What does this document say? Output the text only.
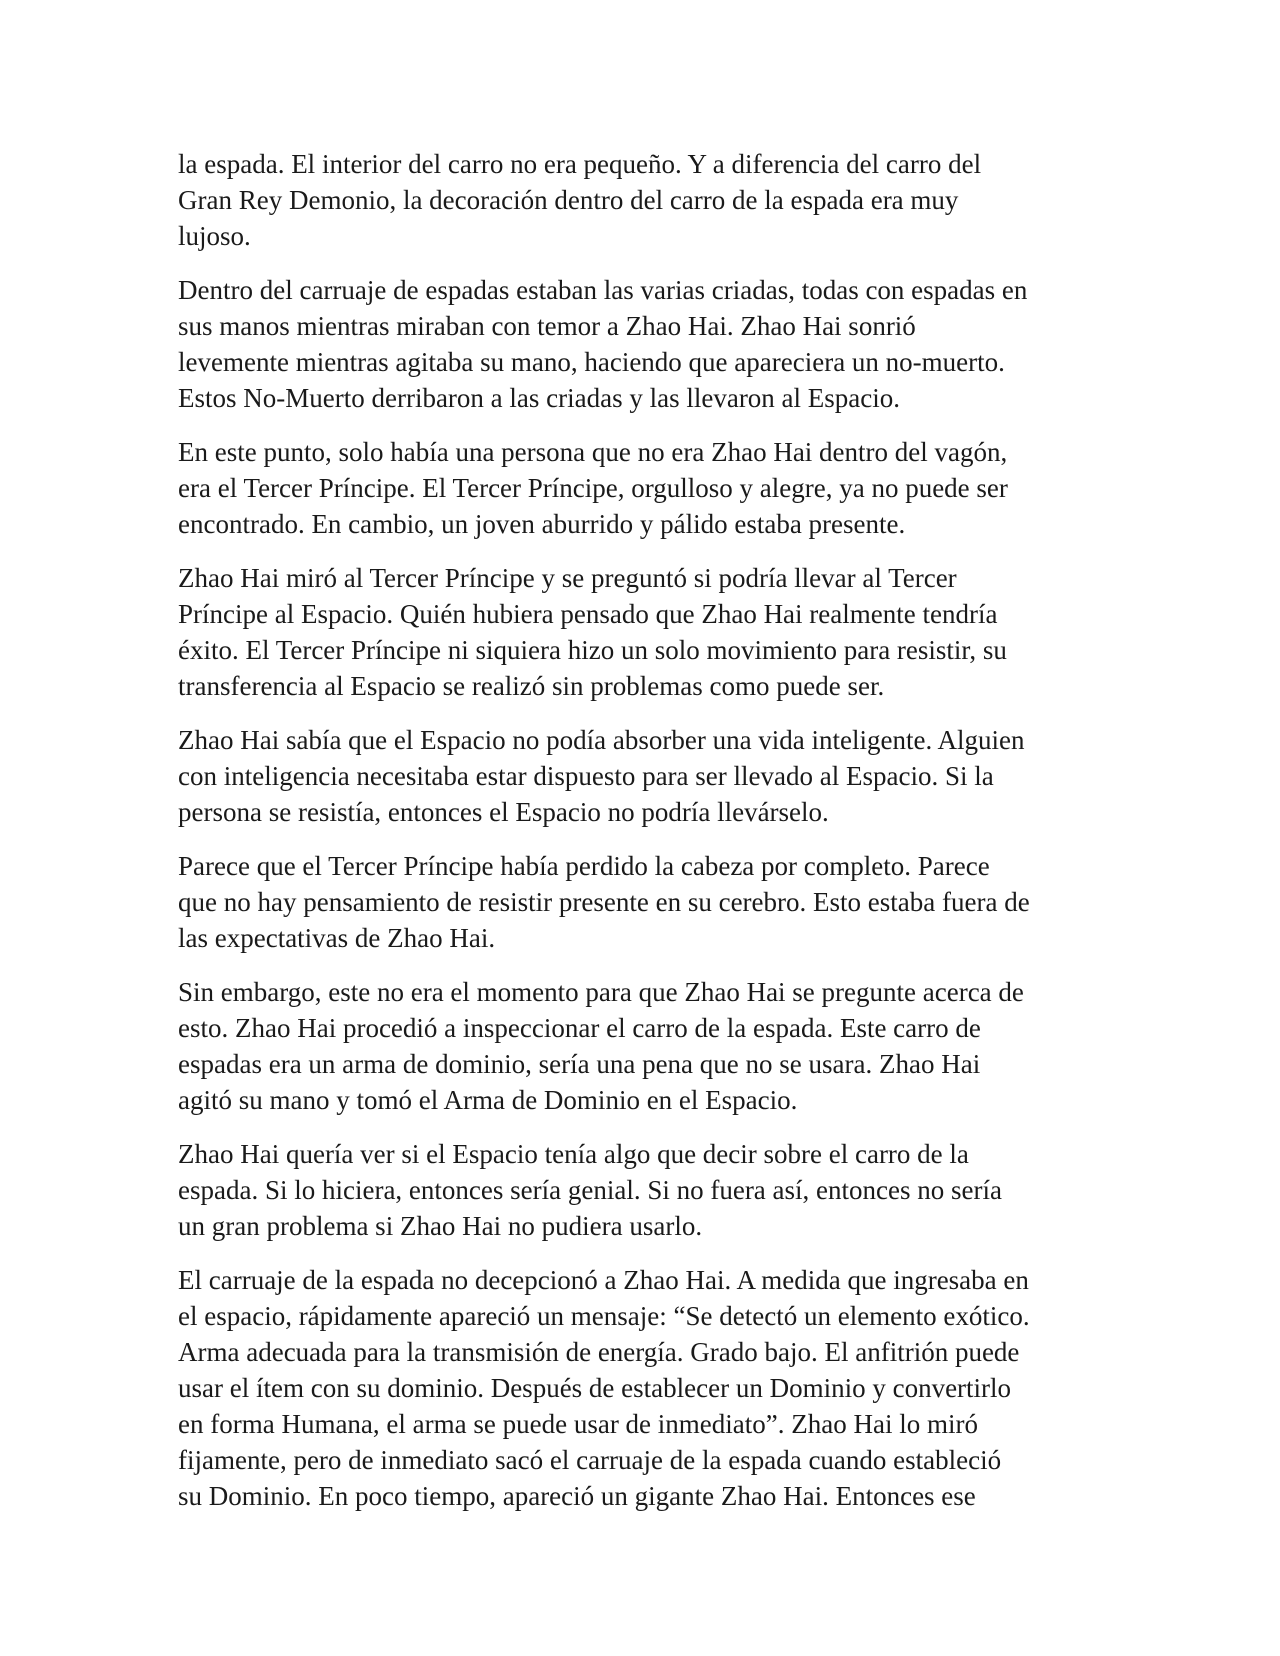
la espada. El interior del carro no era pequeño. Y a diferencia del carro del
Gran Rey Demonio, la decoración dentro del carro de la espada era muy
lujoso.

Dentro del carruaje de espadas estaban las varias criadas, todas con espadas en
sus manos mientras miraban con temor a Zhao Hai. Zhao Hai sonrió
levemente mientras agitaba su mano, haciendo que apareciera un no-muerto.
Estos No-Muerto derribaron a las criadas y las llevaron al Espacio.

En este punto, solo había una persona que no era Zhao Hai dentro del vagón,
era el Tercer Príncipe. El Tercer Príncipe, orgulloso y alegre, ya no puede ser
encontrado. En cambio, un joven aburrido y pálido estaba presente.

Zhao Hai miró al Tercer Príncipe y se preguntó si podría llevar al Tercer
Príncipe al Espacio. Quién hubiera pensado que Zhao Hai realmente tendría
éxito. El Tercer Príncipe ni siquiera hizo un solo movimiento para resistir, su
transferencia al Espacio se realizó sin problemas como puede ser.

Zhao Hai sabía que el Espacio no podía absorber una vida inteligente. Alguien
con inteligencia necesitaba estar dispuesto para ser llevado al Espacio. Si la
persona se resistía, entonces el Espacio no podría llevárselo.

Parece que el Tercer Príncipe había perdido la cabeza por completo. Parece
que no hay pensamiento de resistir presente en su cerebro. Esto estaba fuera de
las expectativas de Zhao Hai.

Sin embargo, este no era el momento para que Zhao Hai se pregunte acerca de
esto. Zhao Hai procedió a inspeccionar el carro de la espada. Este carro de
espadas era un arma de dominio, sería una pena que no se usara. Zhao Hai
agitó su mano y tomó el Arma de Dominio en el Espacio.

Zhao Hai quería ver si el Espacio tenía algo que decir sobre el carro de la
espada. Si lo hiciera, entonces sería genial. Si no fuera así, entonces no sería
un gran problema si Zhao Hai no pudiera usarlo.

El carruaje de la espada no decepcionó a Zhao Hai. A medida que ingresaba en
el espacio, rápidamente apareció un mensaje: “Se detectó un elemento exótico.
Arma adecuada para la transmisión de energía. Grado bajo. El anfitrión puede
usar el ítem con su dominio. Después de establecer un Dominio y convertirlo
en forma Humana, el arma se puede usar de inmediato”. Zhao Hai lo miró
fijamente, pero de inmediato sacó el carruaje de la espada cuando estableció
su Dominio. En poco tiempo, apareció un gigante Zhao Hai. Entonces ese
